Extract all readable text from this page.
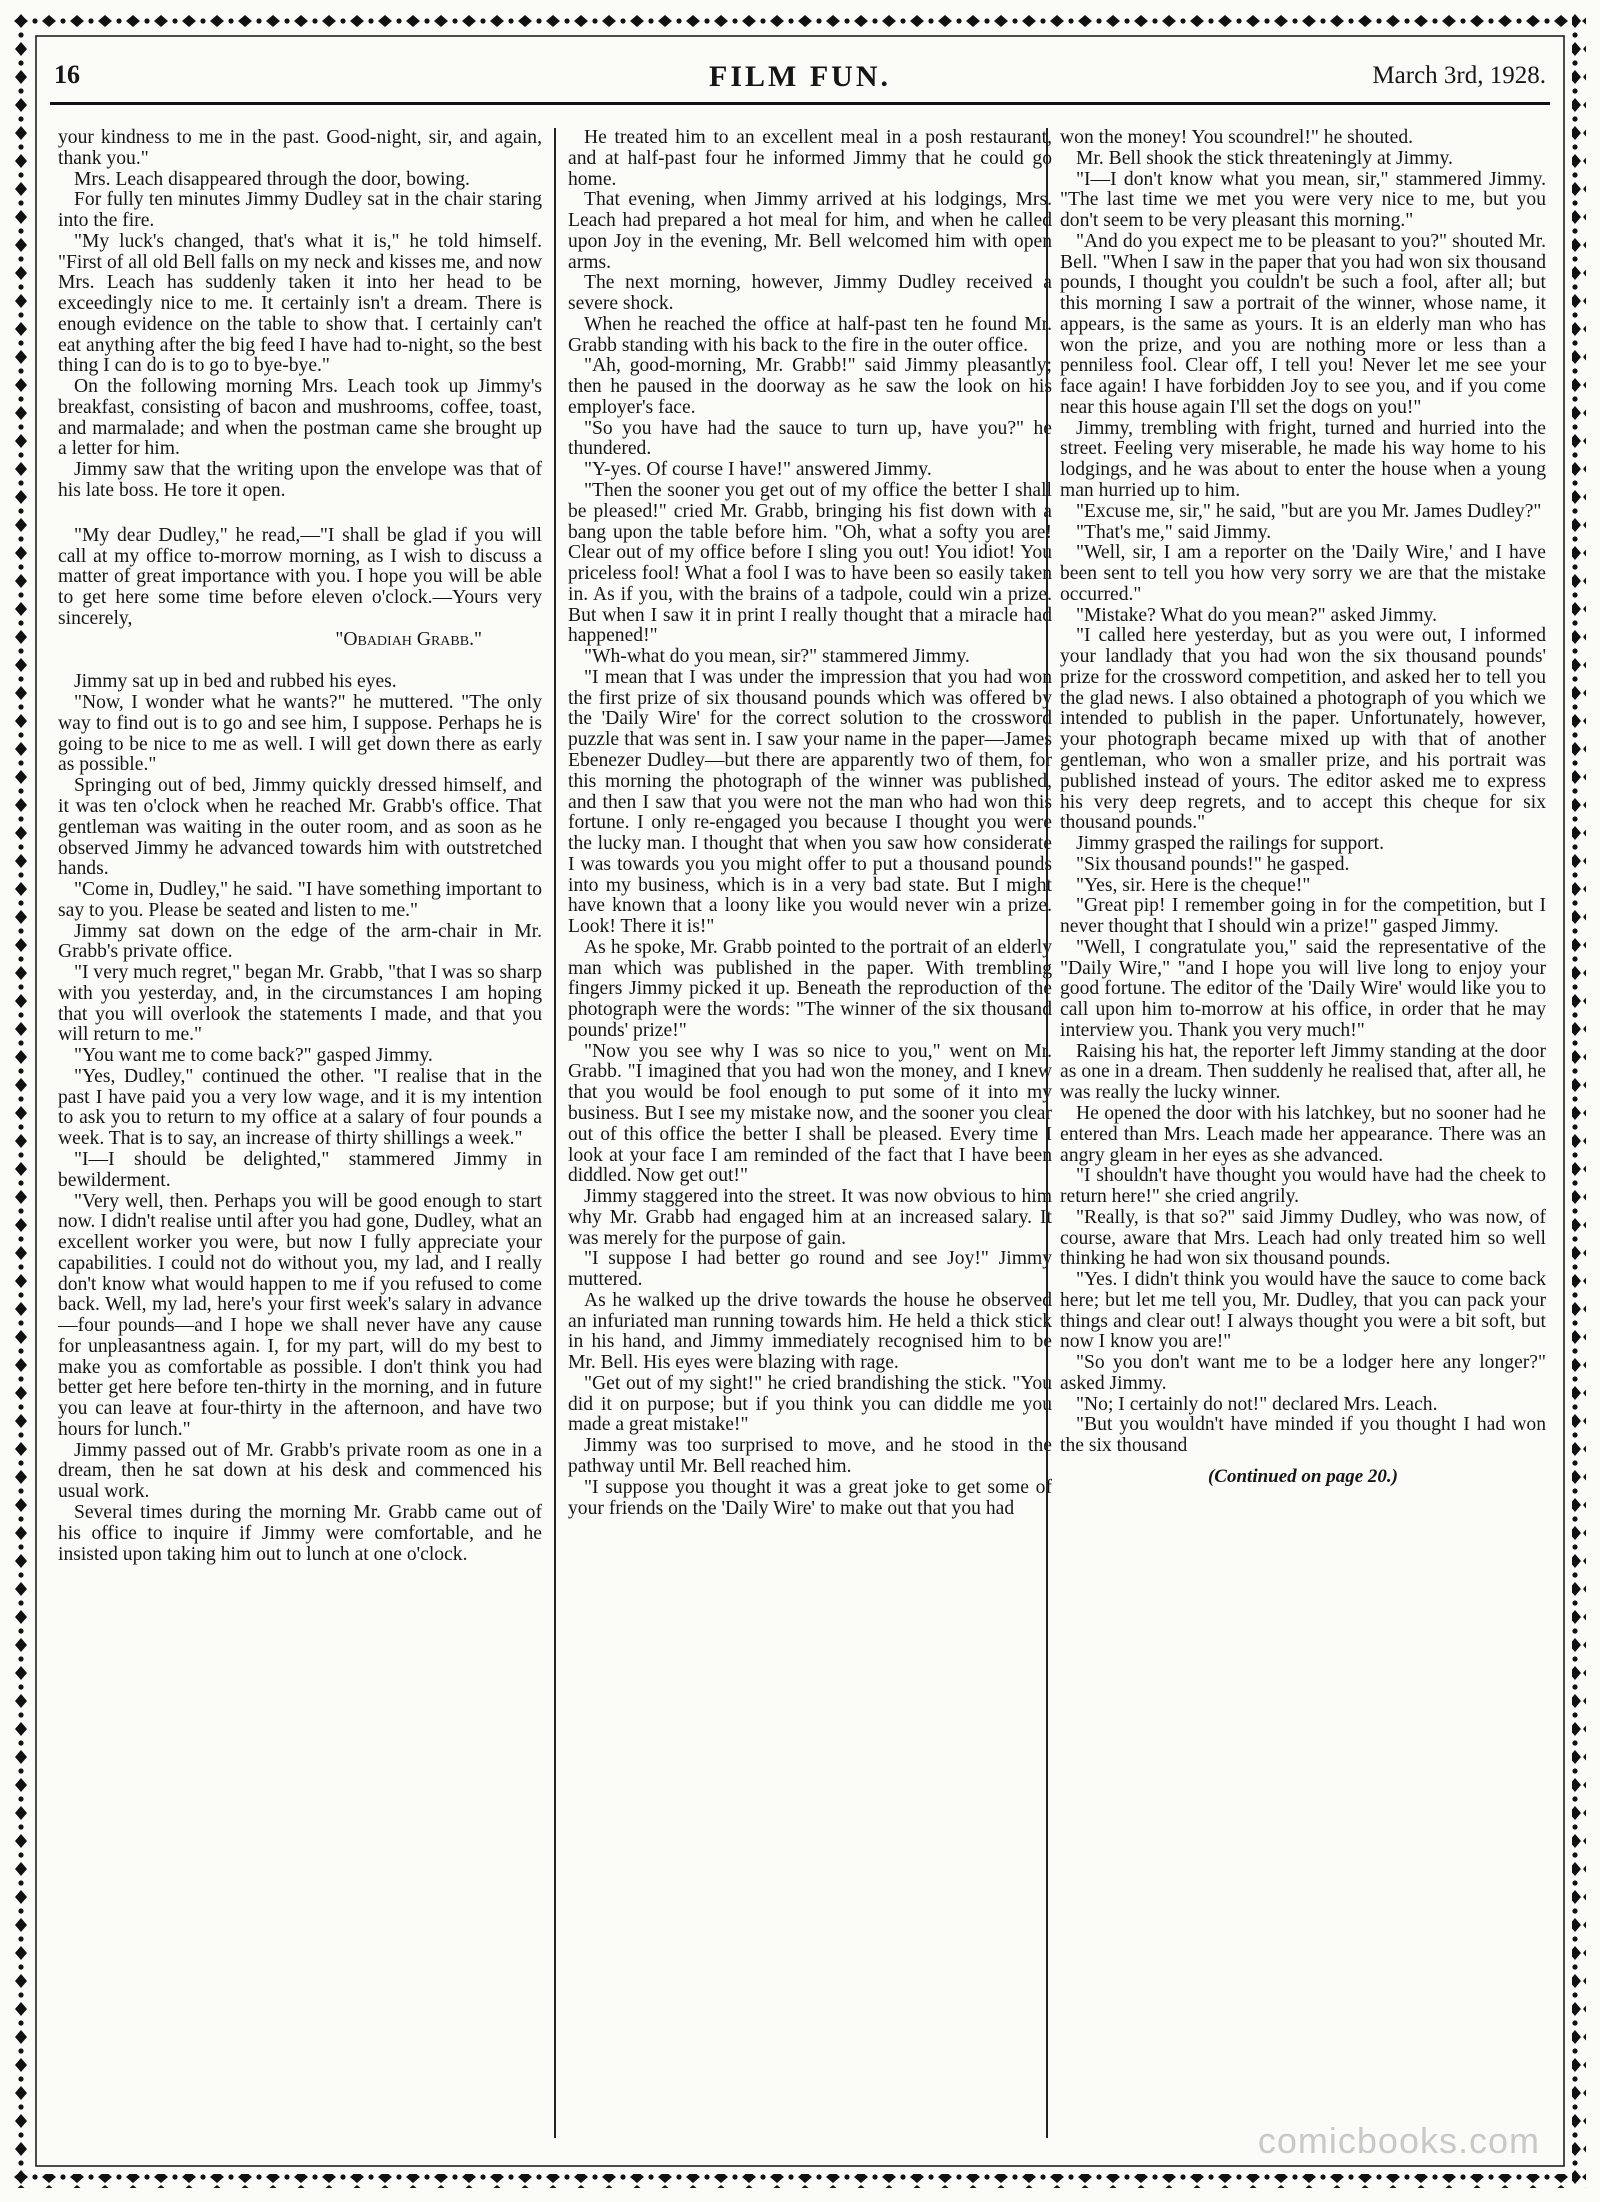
16	FILM FUN.	March 3rd, 1928.

your kindness to me in the past. Good-night, sir, and again, thank you."

Mrs. Leach disappeared through the door, bowing.

For fully ten minutes Jimmy Dudley sat in the chair staring into the fire.

"My luck's changed, that's what it is," he told himself. "First of all old Bell falls on my neck and kisses me, and now Mrs. Leach has suddenly taken it into her head to be exceedingly nice to me. It certainly isn't a dream. There is enough evidence on the table to show that. I certainly can't eat anything after the big feed I have had to-night, so the best thing I can do is to go to bye-bye."

On the following morning Mrs. Leach took up Jimmy's breakfast, consisting of bacon and mushrooms, coffee, toast, and marmalade; and when the postman came she brought up a letter for him.

Jimmy saw that the writing upon the envelope was that of his late boss. He tore it open.

"My dear Dudley," he read,—"I shall be glad if you will call at my office to-morrow morning, as I wish to discuss a matter of great importance with you. I hope you will be able to get here some time before eleven o'clock.—Yours very sincerely,

"Obadiah Grabb."

Jimmy sat up in bed and rubbed his eyes.

"Now, I wonder what he wants?" he muttered. "The only way to find out is to go and see him, I suppose. Perhaps he is going to be nice to me as well. I will get down there as early as possible."

Springing out of bed, Jimmy quickly dressed himself, and it was ten o'clock when he reached Mr. Grabb's office. That gentleman was waiting in the outer room, and as soon as he observed Jimmy he advanced towards him with outstretched hands.

"Come in, Dudley," he said. "I have something important to say to you. Please be seated and listen to me."

Jimmy sat down on the edge of the arm-chair in Mr. Grabb's private office.

"I very much regret," began Mr. Grabb, "that I was so sharp with you yesterday, and, in the circumstances I am hoping that you will overlook the statements I made, and that you will return to me."

"You want me to come back?" gasped Jimmy.

"Yes, Dudley," continued the other. "I realise that in the past I have paid you a very low wage, and it is my intention to ask you to return to my office at a salary of four pounds a week. That is to say, an increase of thirty shillings a week."

"I—I should be delighted," stammered Jimmy in bewilderment.

"Very well, then. Perhaps you will be good enough to start now. I didn't realise until after you had gone, Dudley, what an excellent worker you were, but now I fully appreciate your capabilities. I could not do without you, my lad, and I really don't know what would happen to me if you refused to come back. Well, my lad, here's your first week's salary in advance—four pounds—and I hope we shall never have any cause for unpleasantness again. I, for my part, will do my best to make you as comfortable as possible. I don't think you had better get here before ten-thirty in the morning, and in future you can leave at four-thirty in the afternoon, and have two hours for lunch."

Jimmy passed out of Mr. Grabb's private room as one in a dream, then he sat down at his desk and commenced his usual work.

Several times during the morning Mr. Grabb came out of his office to inquire if Jimmy were comfortable, and he insisted upon taking him out to lunch at one o'clock.

He treated him to an excellent meal in a posh restaurant, and at half-past four he informed Jimmy that he could go home.

That evening, when Jimmy arrived at his lodgings, Mrs. Leach had prepared a hot meal for him, and when he called upon Joy in the evening, Mr. Bell welcomed him with open arms.

The next morning, however, Jimmy Dudley received a severe shock.

When he reached the office at half-past ten he found Mr. Grabb standing with his back to the fire in the outer office.

"Ah, good-morning, Mr. Grabb!" said Jimmy pleasantly; then he paused in the doorway as he saw the look on his employer's face.

"So you have had the sauce to turn up, have you?" he thundered.

"Y-yes. Of course I have!" answered Jimmy.

"Then the sooner you get out of my office the better I shall be pleased!" cried Mr. Grabb, bringing his fist down with a bang upon the table before him. "Oh, what a softy you are! Clear out of my office before I sling you out! You idiot! You priceless fool! What a fool I was to have been so easily taken in. As if you, with the brains of a tadpole, could win a prize. But when I saw it in print I really thought that a miracle had happened!"

"Wh-what do you mean, sir?" stammered Jimmy.

"I mean that I was under the impression that you had won the first prize of six thousand pounds which was offered by the 'Daily Wire' for the correct solution to the crossword puzzle that was sent in. I saw your name in the paper—James Ebenezer Dudley—but there are apparently two of them, for this morning the photograph of the winner was published, and then I saw that you were not the man who had won this fortune. I only re-engaged you because I thought you were the lucky man. I thought that when you saw how considerate I was towards you you might offer to put a thousand pounds into my business, which is in a very bad state. But I might have known that a loony like you would never win a prize. Look! There it is!"

As he spoke, Mr. Grabb pointed to the portrait of an elderly man which was published in the paper. With trembling fingers Jimmy picked it up. Beneath the reproduction of the photograph were the words: "The winner of the six thousand pounds' prize!"

"Now you see why I was so nice to you," went on Mr. Grabb. "I imagined that you had won the money, and I knew that you would be fool enough to put some of it into my business. But I see my mistake now, and the sooner you clear out of this office the better I shall be pleased. Every time I look at your face I am reminded of the fact that I have been diddled. Now get out!"

Jimmy staggered into the street. It was now obvious to him why Mr. Grabb had engaged him at an increased salary. It was merely for the purpose of gain.

"I suppose I had better go round and see Joy!" Jimmy muttered.

As he walked up the drive towards the house he observed an infuriated man running towards him. He held a thick stick in his hand, and Jimmy immediately recognised him to be Mr. Bell. His eyes were blazing with rage.

"Get out of my sight!" he cried brandishing the stick. "You did it on purpose; but if you think you can diddle me you made a great mistake!"

Jimmy was too surprised to move, and he stood in the pathway until Mr. Bell reached him.

"I suppose you thought it was a great joke to get some of your friends on the 'Daily Wire' to make out that you had

won the money! You scoundrel!" he shouted.

Mr. Bell shook the stick threateningly at Jimmy.

"I—I don't know what you mean, sir," stammered Jimmy. "The last time we met you were very nice to me, but you don't seem to be very pleasant this morning."

"And do you expect me to be pleasant to you?" shouted Mr. Bell. "When I saw in the paper that you had won six thousand pounds, I thought you couldn't be such a fool, after all; but this morning I saw a portrait of the winner, whose name, it appears, is the same as yours. It is an elderly man who has won the prize, and you are nothing more or less than a penniless fool. Clear off, I tell you! Never let me see your face again! I have forbidden Joy to see you, and if you come near this house again I'll set the dogs on you!"

Jimmy, trembling with fright, turned and hurried into the street. Feeling very miserable, he made his way home to his lodgings, and he was about to enter the house when a young man hurried up to him.

"Excuse me, sir," he said, "but are you Mr. James Dudley?"

"That's me," said Jimmy.

"Well, sir, I am a reporter on the 'Daily Wire,' and I have been sent to tell you how very sorry we are that the mistake occurred."

"Mistake? What do you mean?" asked Jimmy.

"I called here yesterday, but as you were out, I informed your landlady that you had won the six thousand pounds' prize for the crossword competition, and asked her to tell you the glad news. I also obtained a photograph of you which we intended to publish in the paper. Unfortunately, however, your photograph became mixed up with that of another gentleman, who won a smaller prize, and his portrait was published instead of yours. The editor asked me to express his very deep regrets, and to accept this cheque for six thousand pounds."

Jimmy grasped the railings for support.

"Six thousand pounds!" he gasped.

"Yes, sir. Here is the cheque!"

"Great pip! I remember going in for the competition, but I never thought that I should win a prize!" gasped Jimmy.

"Well, I congratulate you," said the representative of the "Daily Wire," "and I hope you will live long to enjoy your good fortune. The editor of the 'Daily Wire' would like you to call upon him to-morrow at his office, in order that he may interview you. Thank you very much!"

Raising his hat, the reporter left Jimmy standing at the door as one in a dream. Then suddenly he realised that, after all, he was really the lucky winner.

He opened the door with his latchkey, but no sooner had he entered than Mrs. Leach made her appearance. There was an angry gleam in her eyes as she advanced.

"I shouldn't have thought you would have had the cheek to return here!" she cried angrily.

"Really, is that so?" said Jimmy Dudley, who was now, of course, aware that Mrs. Leach had only treated him so well thinking he had won six thousand pounds.

"Yes. I didn't think you would have the sauce to come back here; but let me tell you, Mr. Dudley, that you can pack your things and clear out! I always thought you were a bit soft, but now I know you are!"

"So you don't want me to be a lodger here any longer?" asked Jimmy.

"No; I certainly do not!" declared Mrs. Leach.

"But you wouldn't have minded if you thought I had won the six thousand

(Continued on page 20.)
comicbooks.com
